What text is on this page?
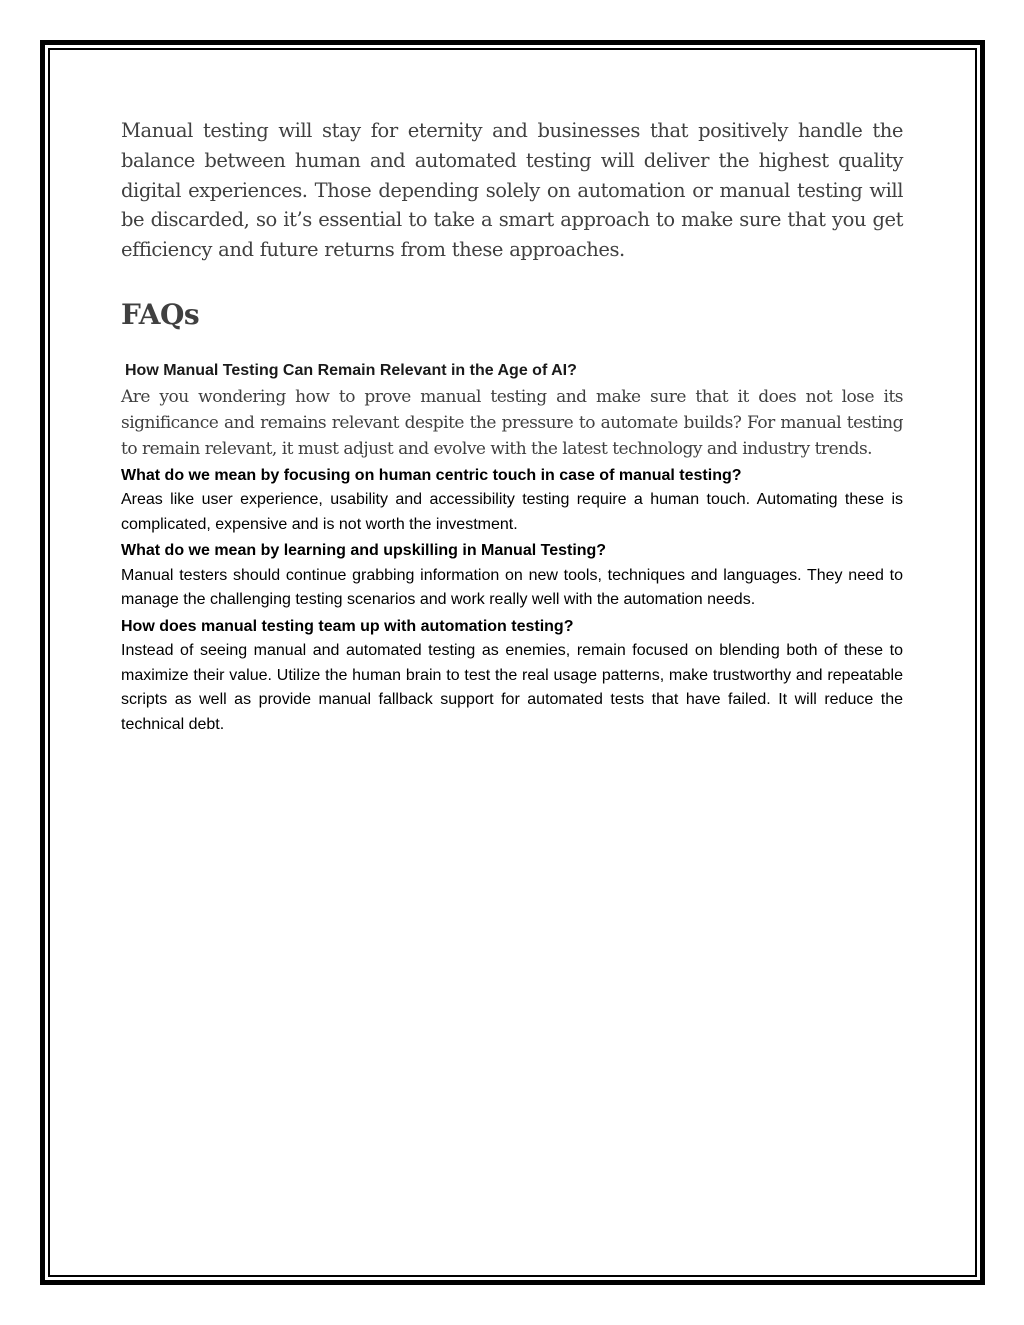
Manual testing will stay for eternity and businesses that positively handle the balance between human and automated testing will deliver the highest quality digital experiences. Those depending solely on automation or manual testing will be discarded, so it’s essential to take a smart approach to make sure that you get efficiency and future returns from these approaches.

FAQs
How Manual Testing Can Remain Relevant in the Age of AI?

Are you wondering how to prove manual testing and make sure that it does not lose its significance and remains relevant despite the pressure to automate builds? For manual testing to remain relevant, it must adjust and evolve with the latest technology and industry trends.

What do we mean by focusing on human centric touch in case of manual testing?

Areas like user experience, usability and accessibility testing require a human touch. Automating these is complicated, expensive and is not worth the investment.

What do we mean by learning and upskilling in Manual Testing?

Manual testers should continue grabbing information on new tools, techniques and languages. They need to manage the challenging testing scenarios and work really well with the automation needs.

How does manual testing team up with automation testing?

Instead of seeing manual and automated testing as enemies, remain focused on blending both of these to maximize their value. Utilize the human brain to test the real usage patterns, make trustworthy and repeatable scripts as well as provide manual fallback support for automated tests that have failed. It will reduce the technical debt.
